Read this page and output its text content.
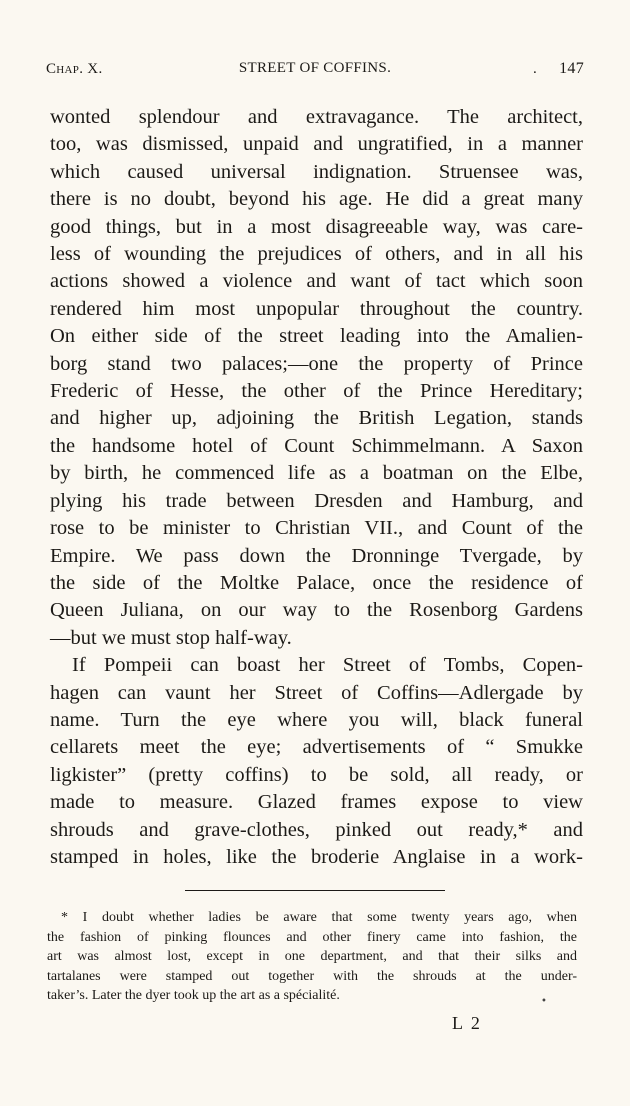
Chap. X.	STREET OF COFFINS.	. 147
wonted splendour and extravagance. The architect,
too, was dismissed, unpaid and ungratified, in a manner
which caused universal indignation. Struensee was,
there is no doubt, beyond his age. He did a great many
good things, but in a most disagreeable way, was care-
less of wounding the prejudices of others, and in all his
actions showed a violence and want of tact which soon
rendered him most unpopular throughout the country.
On either side of the street leading into the Amalien-
borg stand two palaces;—one the property of Prince
Frederic of Hesse, the other of the Prince Hereditary;
and higher up, adjoining the British Legation, stands
the handsome hotel of Count Schimmelmann. A Saxon
by birth, he commenced life as a boatman on the Elbe,
plying his trade between Dresden and Hamburg, and
rose to be minister to Christian VII., and Count of the
Empire. We pass down the Dronninge Tvergade, by
the side of the Moltke Palace, once the residence of
Queen Juliana, on our way to the Rosenborg Gardens
—but we must stop half-way.
If Pompeii can boast her Street of Tombs, Copen-
hagen can vaunt her Street of Coffins—Adlergade by
name. Turn the eye where you will, black funeral
cellarets meet the eye; advertisements of “ Smukke
ligkister” (pretty coffins) to be sold, all ready, or
made to measure. Glazed frames expose to view
shrouds and grave-clothes, pinked out ready,* and
stamped in holes, like the broderie Anglaise in a work-
* I doubt whether ladies be aware that some twenty years ago, when
the fashion of pinking flounces and other finery came into fashion, the
art was almost lost, except in one department, and that their silks and
tartalanes were stamped out together with the shrouds at the under-
taker’s. Later the dyer took up the art as a spécialité.	•
L 2
